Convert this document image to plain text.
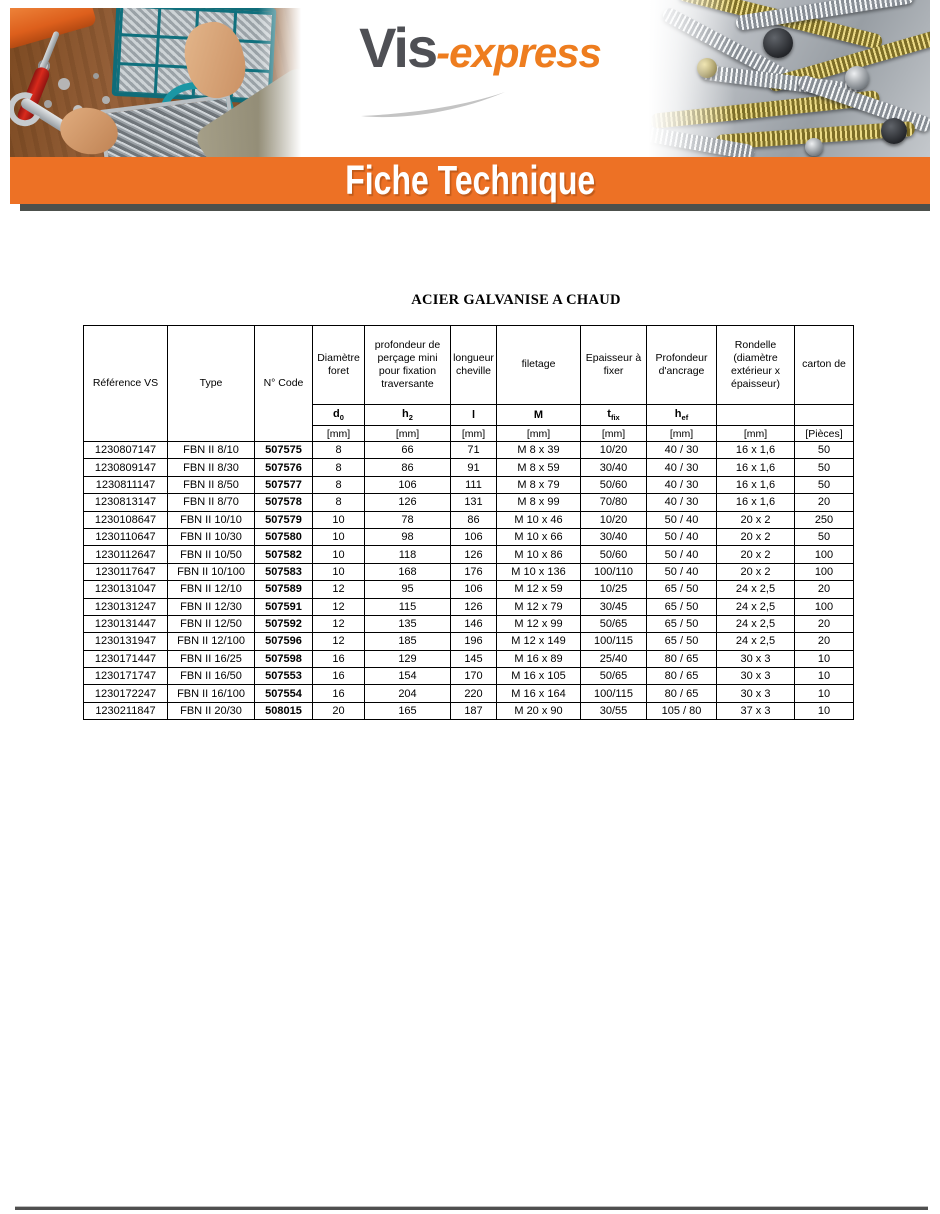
Vis -express
Fiche Technique
ACIER GALVANISE A CHAUD
Référence VS	Type	N° Code	Diamètre foret	profondeur de perçage mini pour fixation traversante	longueur cheville	filetage	Epaisseur à fixer	Profondeur d'ancrage	Rondelle (diamètre extérieur x épaisseur)	carton de
			$d_0$	$h_2$	l	M	$t_{fix}$	$h_{ef}$		
			[mm]	[mm]	[mm]	[mm]	[mm]	[mm]	[mm]	[Pièces]
1230807147	FBN II 8/10	507575	8	66	71	M 8 x 39	10/20	40 / 30	16 x 1,6	50
1230809147	FBN II 8/30	507576	8	86	91	M 8 x 59	30/40	40 / 30	16 x 1,6	50
1230811147	FBN II 8/50	507577	8	106	111	M 8 x 79	50/60	40 / 30	16 x 1,6	50
1230813147	FBN II 8/70	507578	8	126	131	M 8 x 99	70/80	40 / 30	16 x 1,6	20
1230108647	FBN II 10/10	507579	10	78	86	M 10 x 46	10/20	50 / 40	20 x 2	250
1230110647	FBN II 10/30	507580	10	98	106	M 10 x 66	30/40	50 / 40	20 x 2	50
1230112647	FBN II 10/50	507582	10	118	126	M 10 x 86	50/60	50 / 40	20 x 2	100
1230117647	FBN II 10/100	507583	10	168	176	M 10 x 136	100/110	50 / 40	20 x 2	100
1230131047	FBN II 12/10	507589	12	95	106	M 12 x 59	10/25	65 / 50	24 x 2,5	20
1230131247	FBN II 12/30	507591	12	115	126	M 12 x 79	30/45	65 / 50	24 x 2,5	100
1230131447	FBN II 12/50	507592	12	135	146	M 12 x 99	50/65	65 / 50	24 x 2,5	20
1230131947	FBN II 12/100	507596	12	185	196	M 12 x 149	100/115	65 / 50	24 x 2,5	20
1230171447	FBN II 16/25	507598	16	129	145	M 16 x 89	25/40	80 / 65	30 x 3	10
1230171747	FBN II 16/50	507553	16	154	170	M 16 x 105	50/65	80 / 65	30 x 3	10
1230172247	FBN II 16/100	507554	16	204	220	M 16 x 164	100/115	80 / 65	30 x 3	10
1230211847	FBN II 20/30	508015	20	165	187	M 20 x 90	30/55	105 / 80	37 x 3	10
